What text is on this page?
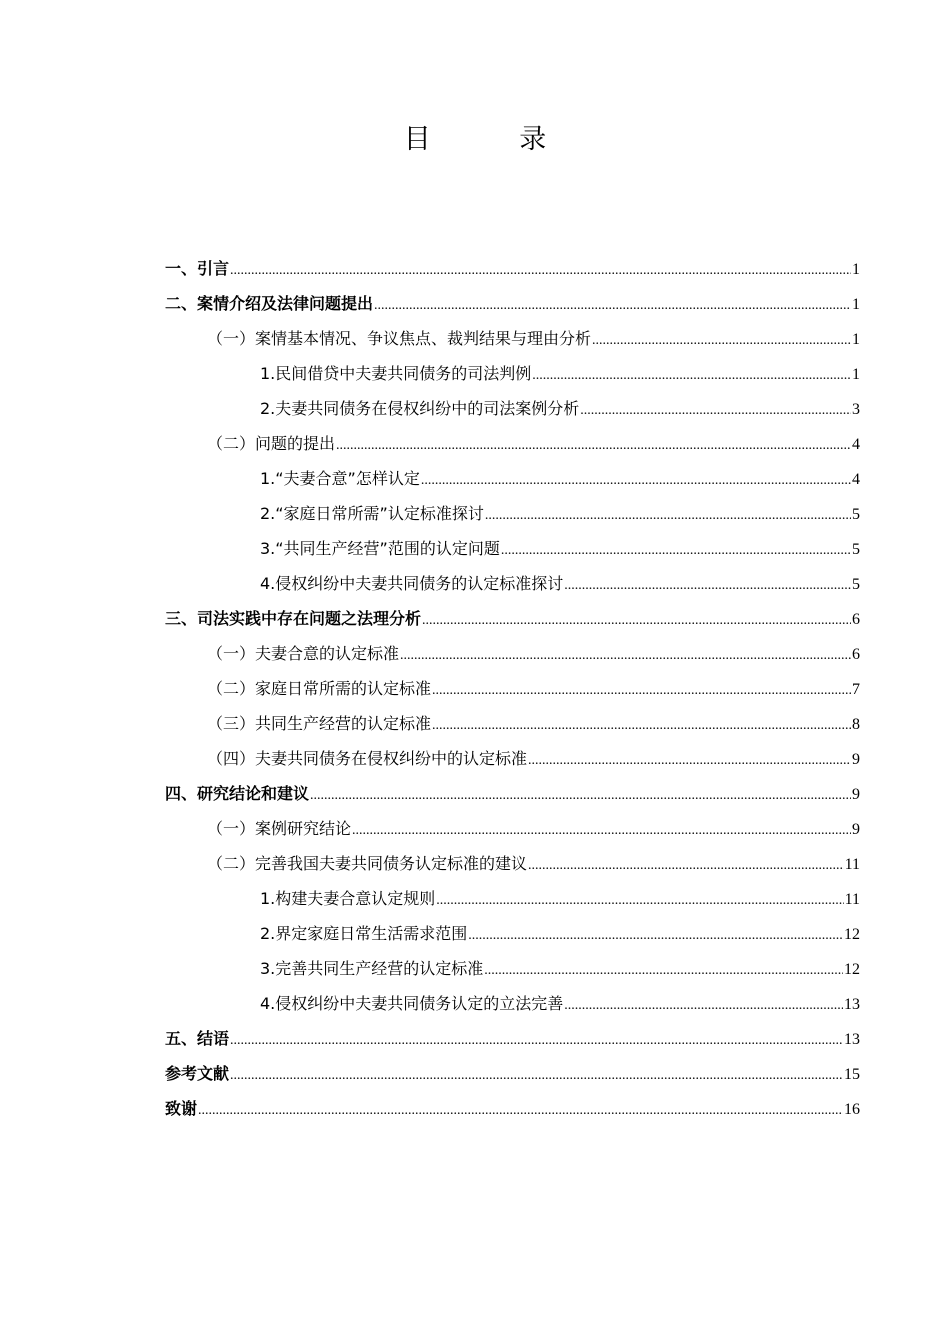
目 录
一、引言 .....	1
二、案情介绍及法律问题提出 .....	1
（一）案情基本情况、争议焦点、裁判结果与理由分析 .....	1
1.民间借贷中夫妻共同债务的司法判例 .....	1
2.夫妻共同债务在侵权纠纷中的司法案例分析 .....	3
（二）问题的提出 .....	4
1.“夫妻合意”怎样认定 .....	4
2.“家庭日常所需”认定标准探讨 .....	5
3.“共同生产经营”范围的认定问题 .....	5
4.侵权纠纷中夫妻共同债务的认定标准探讨 .....	5
三、司法实践中存在问题之法理分析 .....	6
（一）夫妻合意的认定标准 .....	6
（二）家庭日常所需的认定标准 .....	7
（三）共同生产经营的认定标准 .....	8
（四）夫妻共同债务在侵权纠纷中的认定标准 .....	9
四、研究结论和建议 .....	9
（一）案例研究结论 .....	9
（二）完善我国夫妻共同债务认定标准的建议 .....	11
1.构建夫妻合意认定规则 .....	11
2.界定家庭日常生活需求范围 .....	12
3.完善共同生产经营的认定标准 .....	12
4.侵权纠纷中夫妻共同债务认定的立法完善 .....	13
五、结语 .....	13
参考文献 .....	15
致谢 .....	16
